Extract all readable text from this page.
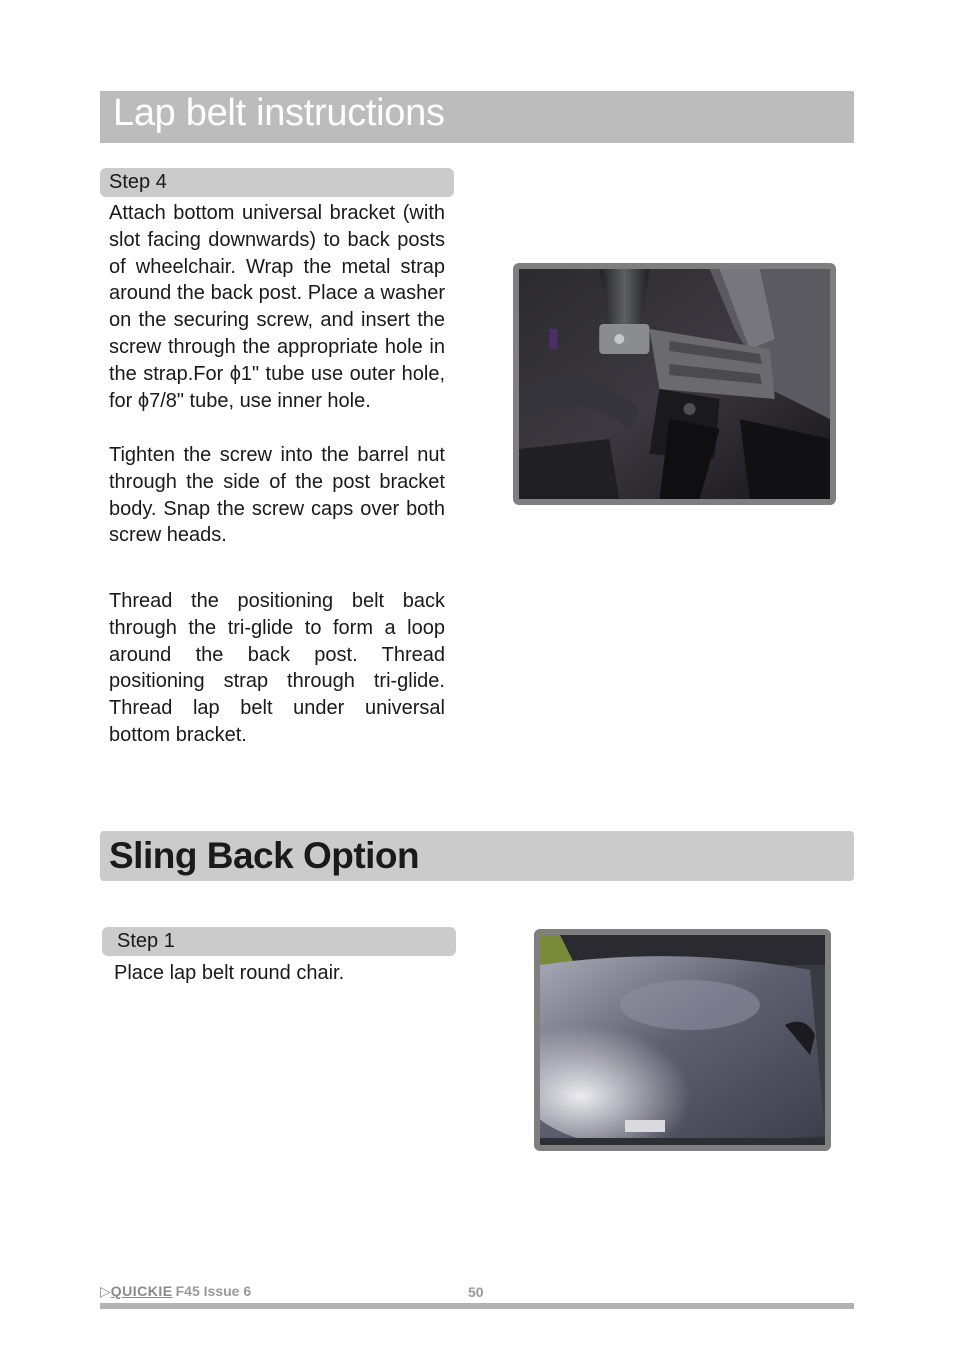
Lap belt instructions
Step 4

Attach bottom universal bracket (with slot facing downwards) to back posts of wheelchair. Wrap the metal strap around the back post. Place a washer on the securing screw, and insert the screw through the appropriate hole in the strap.For ϕ1" tube use outer hole, for ϕ7/8" tube, use inner hole.

Tighten the screw into the barrel nut through the side of the post bracket body. Snap the screw caps over both screw heads.

Thread the positioning belt back through the tri-glide to form a loop around the back post. Thread positioning strap through tri-glide. Thread lap belt under universal bottom bracket.

Sling Back Option
Step 1

Place lap belt round chair.

▷QUICKIE F45 Issue 6	50
